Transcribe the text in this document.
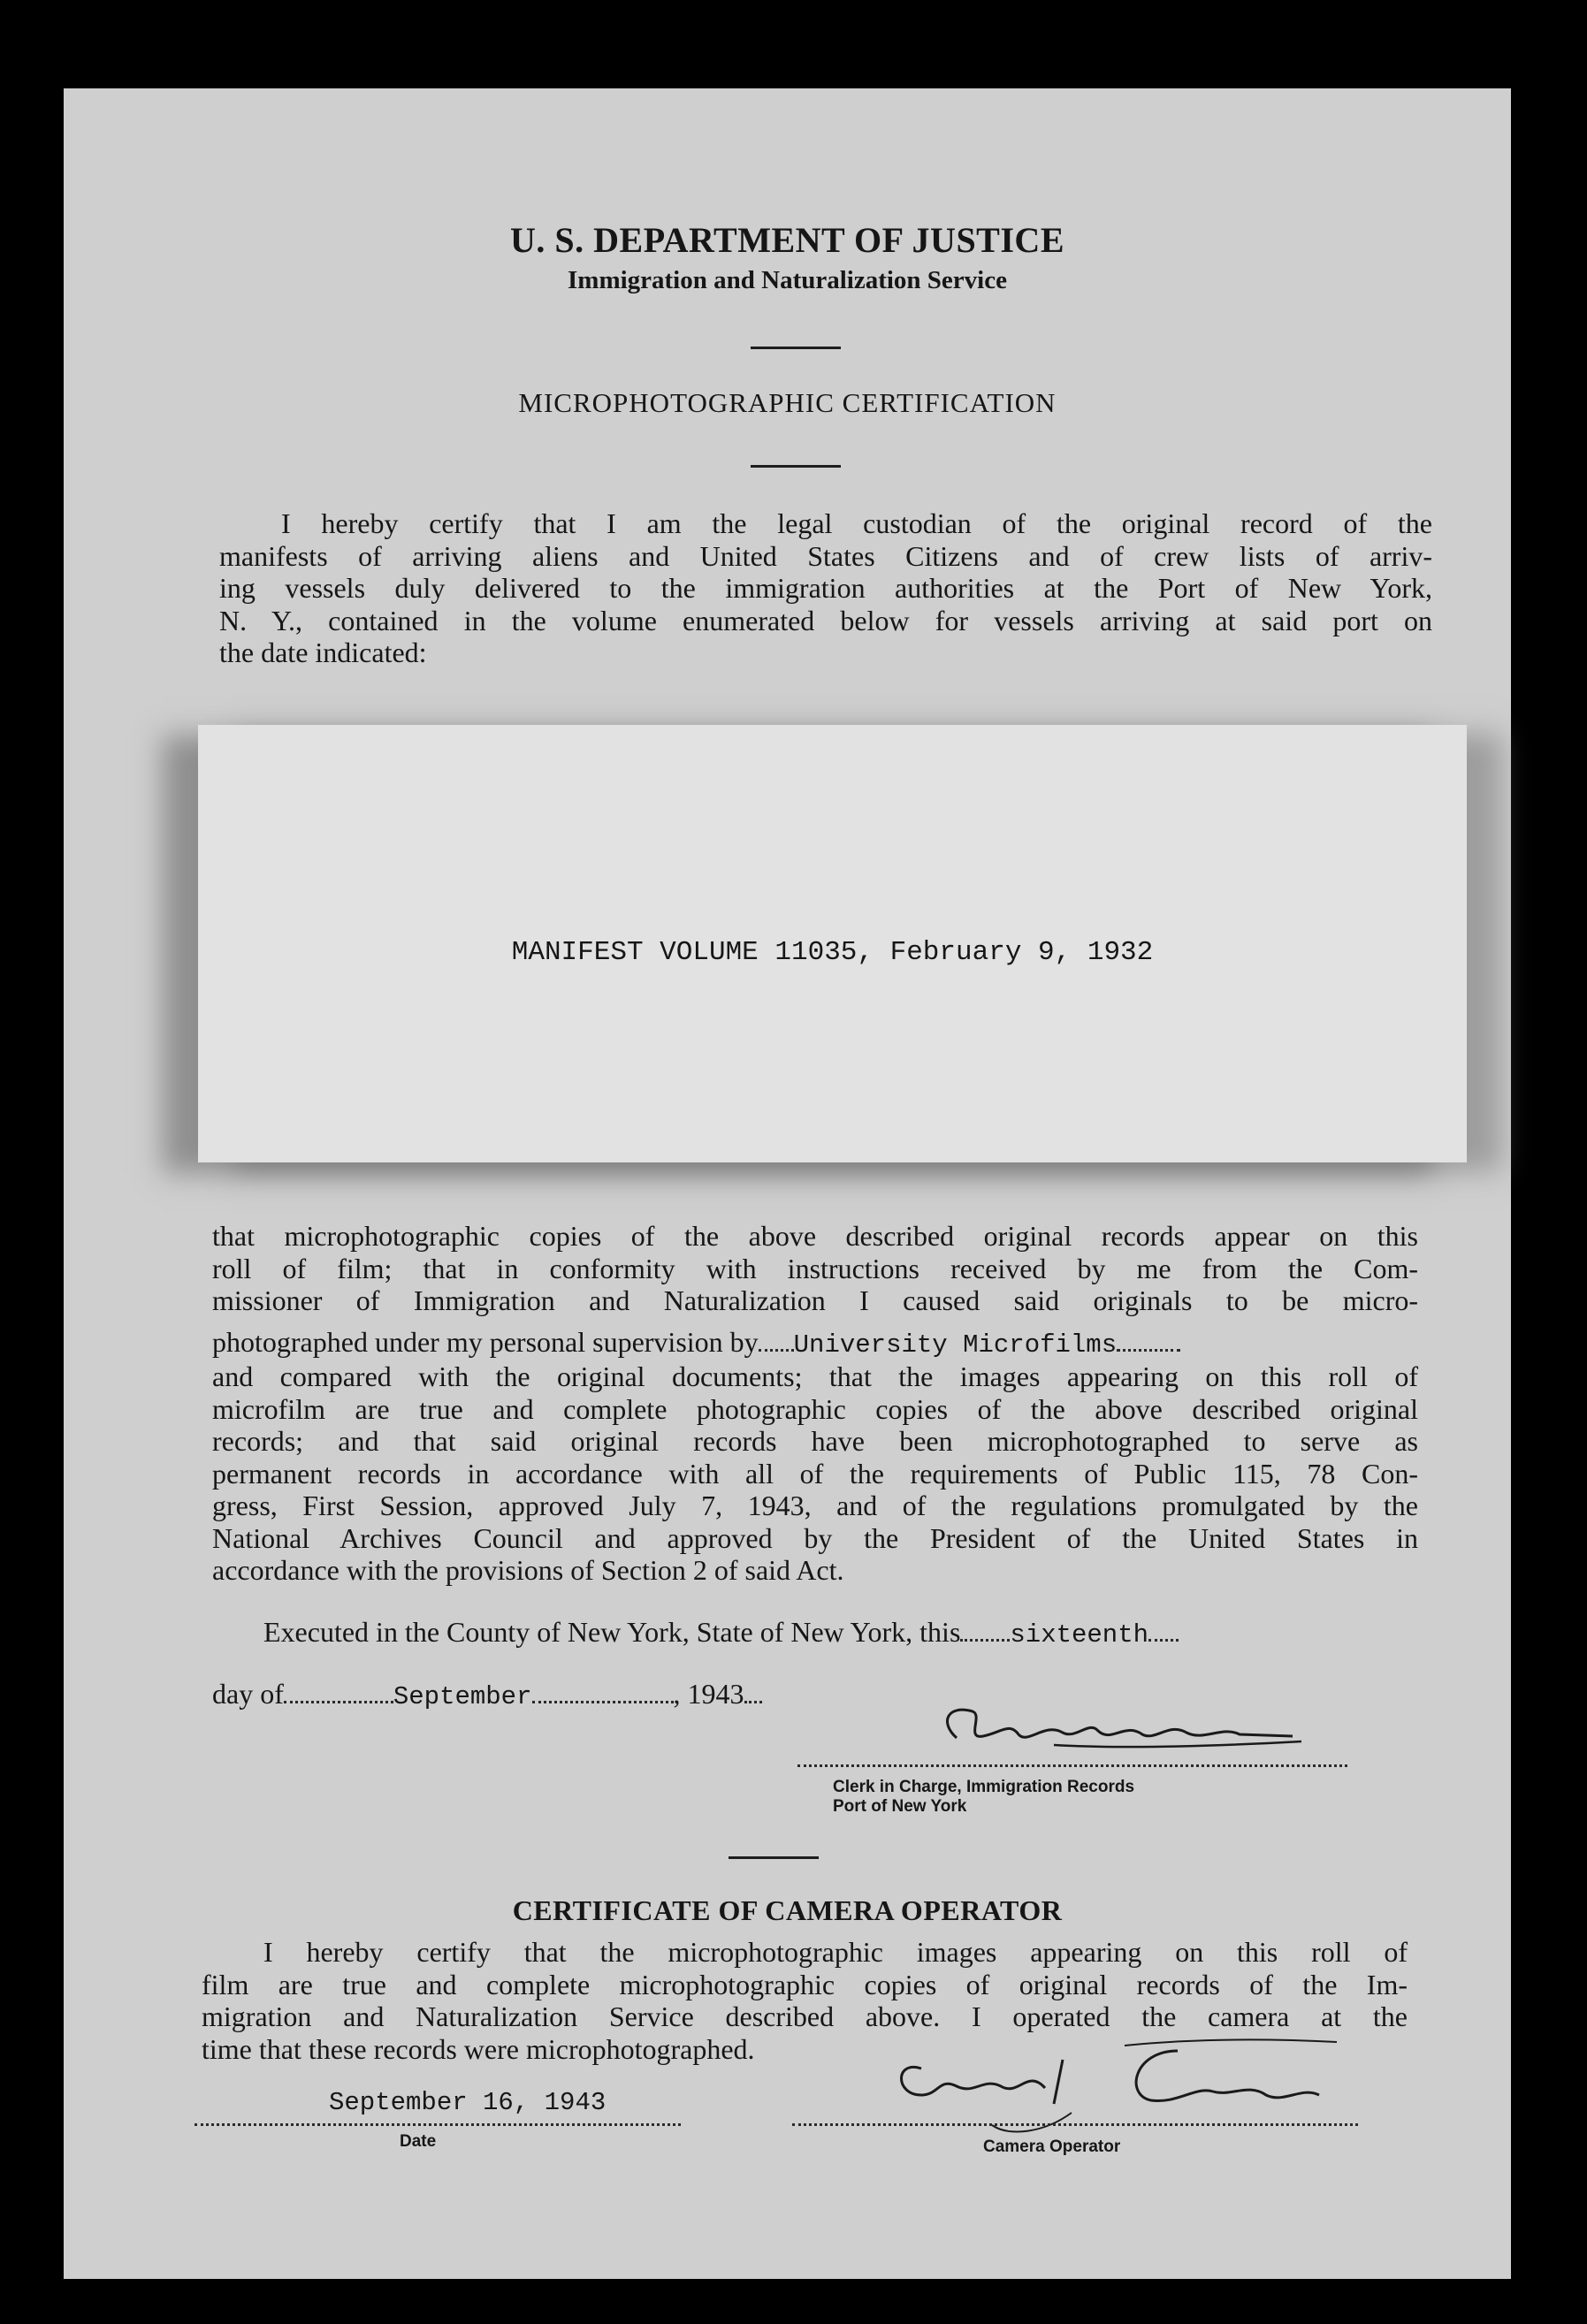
U. S. DEPARTMENT OF JUSTICE
Immigration and Naturalization Service
MICROPHOTOGRAPHIC CERTIFICATION
I hereby certify that I am the legal custodian of the original record of the
manifests of arriving aliens and United States Citizens and of crew lists of arriv-
ing vessels duly delivered to the immigration authorities at the Port of New York,
N. Y., contained in the volume enumerated below for vessels arriving at said port on
the date indicated:
MANIFEST VOLUME 11035, February 9, 1932
that microphotographic copies of the above described original records appear on this
roll of film; that in conformity with instructions received by me from the Com-
missioner of Immigration and Naturalization I caused said originals to be micro-
photographed under my personal supervision by University Microfilms
and compared with the original documents; that the images appearing on this roll of
microfilm are true and complete photographic copies of the above described original
records; and that said original records have been microphotographed to serve as
permanent records in accordance with all of the requirements of Public 115, 78 Con-
gress, First Session, approved July 7, 1943, and of the regulations promulgated by the
National Archives Council and approved by the President of the United States in
accordance with the provisions of Section 2 of said Act.
Executed in the County of New York, State of New York, this sixteenth
day of	September	, 1943
Clerk in Charge, Immigration Records
Port of New York
CERTIFICATE OF CAMERA OPERATOR
I hereby certify that the microphotographic images appearing on this roll of
film are true and complete microphotographic copies of original records of the Im-
migration and Naturalization Service described above. I operated the camera at the
time that these records were microphotographed.
September 16, 1943
Date	Camera Operator
